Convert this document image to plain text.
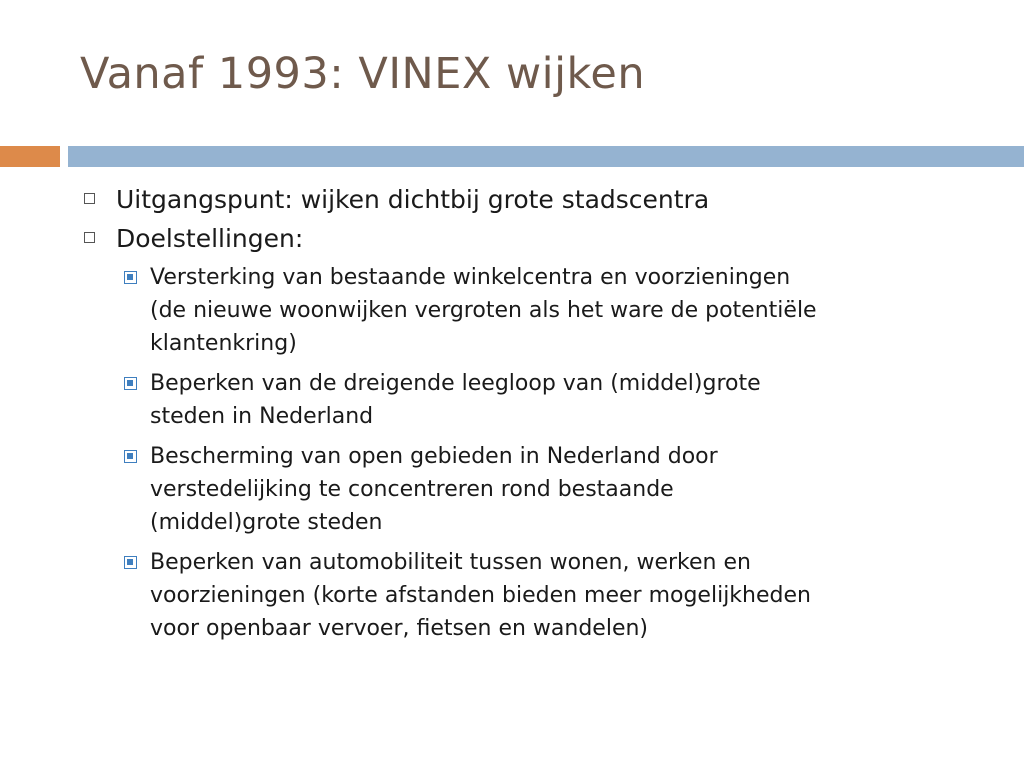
Vanaf 1993: VINEX wijken
Uitgangspunt: wijken dichtbij grote stadscentra
Doelstellingen:
Versterking van bestaande winkelcentra en voorzieningen
(de nieuwe woonwijken vergroten als het ware de potentiële
klantenkring)
Beperken van de dreigende leegloop van (middel)grote
steden in Nederland
Bescherming van open gebieden in Nederland door
verstedelijking te concentreren rond bestaande
(middel)grote steden
Beperken van automobiliteit tussen wonen, werken en
voorzieningen (korte afstanden bieden meer mogelijkheden
voor openbaar vervoer, fietsen en wandelen)
